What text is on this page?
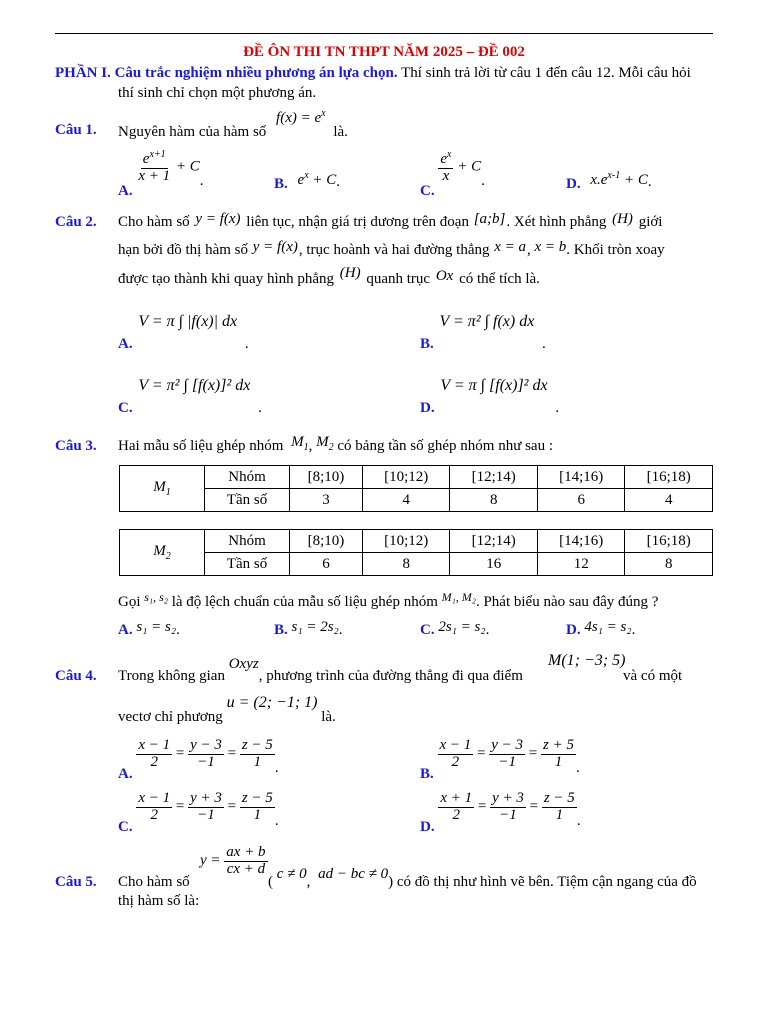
ĐỀ ÔN THI TN THPT NĂM 2025 – ĐỀ 002
PHẦN I. Câu trắc nghiệm nhiều phương án lựa chọn. Thí sinh trả lời từ câu 1 đến câu 12. Mỗi câu hỏi
thí sinh chỉ chọn một phương án.
Câu 1. Nguyên hàm của hàm số $f(x) = e^x$ là.
A.
$\frac{e^{x+1}}{x + 1} + C$.	B. $e^x + C$.
C.
$\frac{e^x}{x} + C$.	D. $x.e^{x-1} + C$.
Câu 2. Cho hàm số y = f(x) liên tục, nhận giá trị dương trên đoạn [a;b]. Xét hình phẳng (H) giới
hạn bởi đồ thị hàm số y = f(x), trục hoành và hai đường thẳng x = a, x = b. Khối tròn xoay
được tạo thành khi quay hình phẳng (H) quanh trục Ox có thể tích là.
A. V = π ∫ |f(x)| dx .	B. V = π² ∫ f(x) dx .
C. V = π² ∫ [f(x)]² dx .	D. V = π ∫ [f(x)]² dx .
Câu 3. Hai mẫu số liệu ghép nhóm $M_1$, $M_2$ có bảng tần số ghép nhóm như sau :
$M_1$	Nhóm	[8;10)	[10;12)	[12;14)	[14;16)	[16;18)
	Tần số	3	4	8	6	4
$M_2$	Nhóm	[8;10)	[10;12)	[12;14)	[14;16)	[16;18)
	Tần số	6	8	16	12	8
Gọi $^{s_1, s_2}$ là độ lệch chuẩn của mẫu số liệu ghép nhóm $^{M_1, M_2}$. Phát biểu nào sau đây đúng ?
A. s₁ = s₂.	B. s₁ = 2s₂.	C. 2s₁ = s₂.	D. 4s₁ = s₂.
Câu 4. Trong không gian Oxyz, phương trình của đường thẳng đi qua điểm
M(1; −3; 5)
và có một
vectơ chỉ phương u = (2; −1; 1) là.
A.
$\frac{x - 1}{2} = \frac{y - 3}{-1} = \frac{z - 5}{1}$ .	B.
$\frac{x - 1}{2} = \frac{y - 3}{-1} = \frac{z + 5}{1}$ .
C.
$\frac{x - 1}{2} = \frac{y + 3}{-1} = \frac{z - 5}{1}$ .	D.
$\frac{x + 1}{2} = \frac{y + 3}{-1} = \frac{z - 5}{1}$ .
Câu 5. Cho hàm số
$y = \frac{ax + b}{cx + d}$
( c ≠ 0, ad − bc ≠ 0) có đồ thị như hình vẽ bên. Tiệm cận ngang của đồ
thị hàm số là:
